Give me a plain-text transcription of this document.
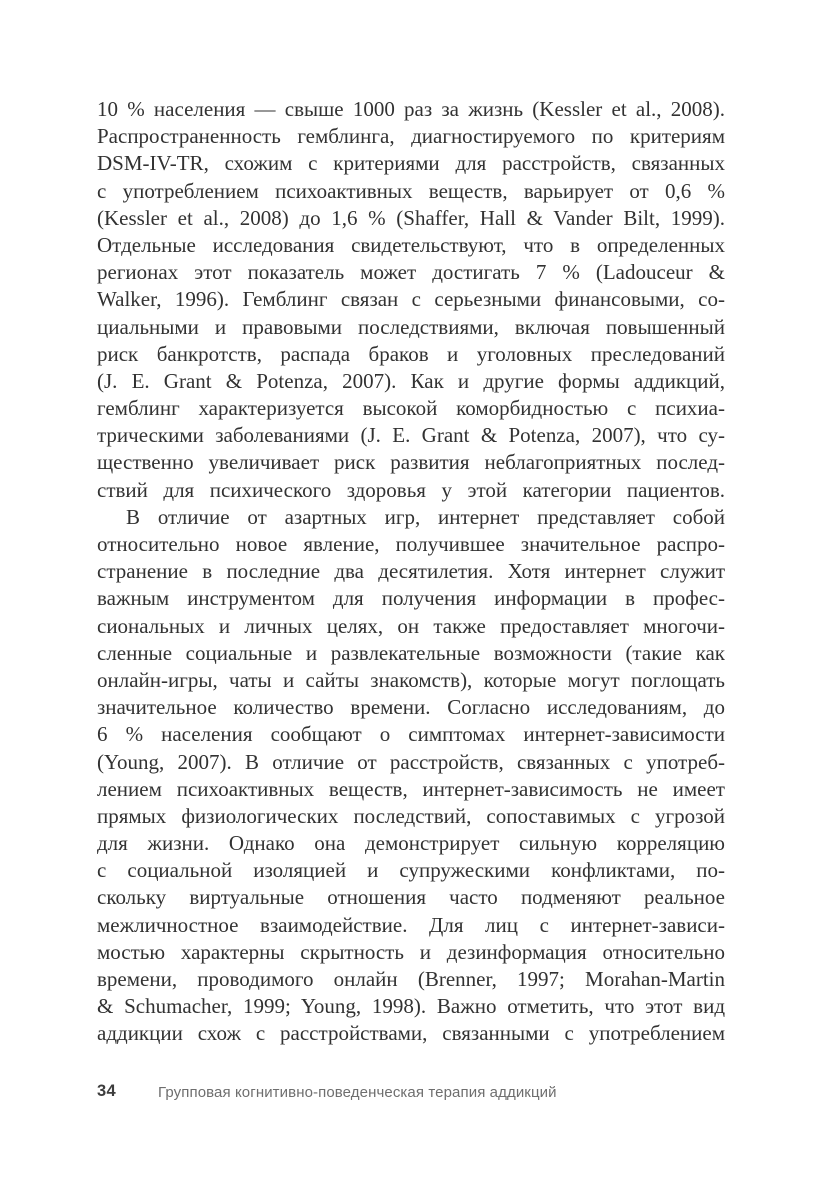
10 % населения — свыше 1000 раз за жизнь (Kessler et al., 2008).
Распространенность гемблинга, диагностируемого по критериям
DSM-IV-TR, схожим с критериями для расстройств, связанных
с употреблением психоактивных веществ, варьирует от 0,6 %
(Kessler et al., 2008) до 1,6 % (Shaffer, Hall & Vander Bilt, 1999).
Отдельные исследования свидетельствуют, что в определенных
регионах этот показатель может достигать 7 % (Ladouceur &
Walker, 1996). Гемблинг связан с серьезными финансовыми, со-
циальными и правовыми последствиями, включая повышенный
риск банкротств, распада браков и уголовных преследований
(J. E. Grant & Potenza, 2007). Как и другие формы аддикций,
гемблинг характеризуется высокой коморбидностью с психиа-
трическими заболеваниями (J. E. Grant & Potenza, 2007), что су-
щественно увеличивает риск развития неблагоприятных послед-
ствий для психического здоровья у этой категории пациентов.
В отличие от азартных игр, интернет представляет собой
относительно новое явление, получившее значительное распро-
странение в последние два десятилетия. Хотя интернет служит
важным инструментом для получения информации в профес-
сиональных и личных целях, он также предоставляет многочи-
сленные социальные и развлекательные возможности (такие как
онлайн-игры, чаты и сайты знакомств), которые могут поглощать
значительное количество времени. Согласно исследованиям, до
6 % населения сообщают о симптомах интернет-зависимости
(Young, 2007). В отличие от расстройств, связанных с употреб-
лением психоактивных веществ, интернет-зависимость не имеет
прямых физиологических последствий, сопоставимых с угрозой
для жизни. Однако она демонстрирует сильную корреляцию
с социальной изоляцией и супружескими конфликтами, по-
скольку виртуальные отношения часто подменяют реальное
межличностное взаимодействие. Для лиц с интернет-зависи-
мостью характерны скрытность и дезинформация относительно
времени, проводимого онлайн (Brenner, 1997; Morahan-Martin
& Schumacher, 1999; Young, 1998). Важно отметить, что этот вид
аддикции схож с расстройствами, связанными с употреблением
34	Групповая когнитивно-поведенческая терапия аддикций
